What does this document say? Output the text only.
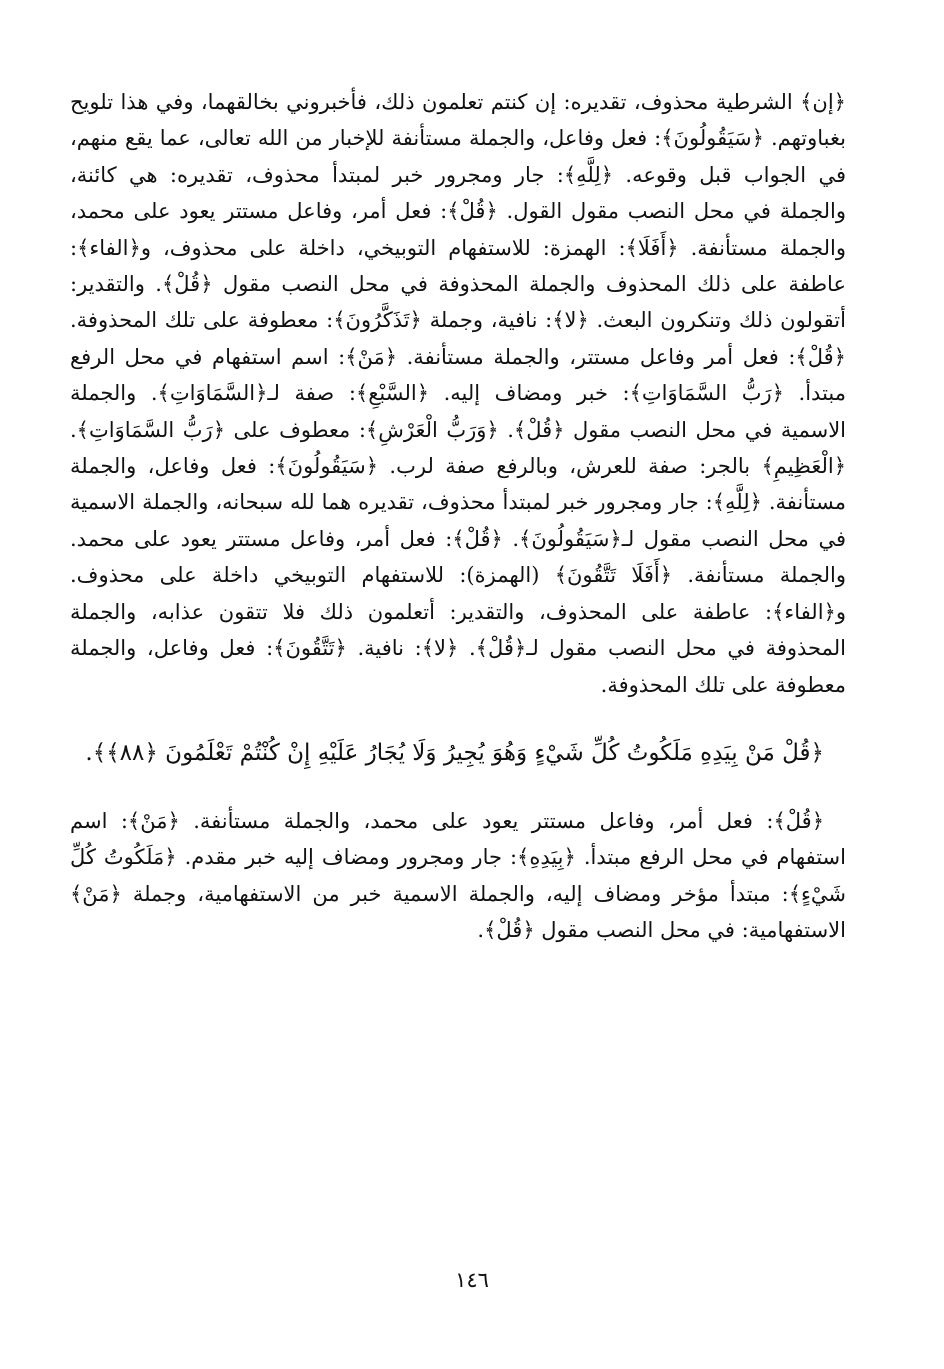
﴿إن﴾ الشرطية محذوف، تقديره: إن كنتم تعلمون ذلك، فأخبروني بخالقهما، وفي هذا تلويح بغباوتهم. ﴿سَيَقُولُونَ﴾: فعل وفاعل، والجملة مستأنفة للإخبار من الله تعالى، عما يقع منهم، في الجواب قبل وقوعه. ﴿لِلَّهِ﴾: جار ومجرور خبر لمبتدأ محذوف، تقديره: هي كائنة، والجملة في محل النصب مقول القول. ﴿قُلْ﴾: فعل أمر، وفاعل مستتر يعود على محمد، والجملة مستأنفة. ﴿أَفَلَا﴾: الهمزة: للاستفهام التوبيخي، داخلة على محذوف، و﴿الفاء﴾: عاطفة على ذلك المحذوف والجملة المحذوفة في محل النصب مقول ﴿قُلْ﴾. والتقدير: أتقولون ذلك وتنكرون البعث. ﴿لا﴾: نافية، وجملة ﴿تَذَكَّرُونَ﴾: معطوفة على تلك المحذوفة. ﴿قُلْ﴾: فعل أمر وفاعل مستتر، والجملة مستأنفة. ﴿مَنْ﴾: اسم استفهام في محل الرفع مبتدأ. ﴿رَبُّ السَّمَاوَاتِ﴾: خبر ومضاف إليه. ﴿السَّبْعِ﴾: صفة لـ﴿السَّمَاوَاتِ﴾. والجملة الاسمية في محل النصب مقول ﴿قُلْ﴾. ﴿وَرَبُّ الْعَرْشِ﴾: معطوف على ﴿رَبُّ السَّمَاوَاتِ﴾. ﴿الْعَظِيمِ﴾ بالجر: صفة للعرش، وبالرفع صفة لرب. ﴿سَيَقُولُونَ﴾: فعل وفاعل، والجملة مستأنفة. ﴿لِلَّهِ﴾: جار ومجرور خبر لمبتدأ محذوف، تقديره هما لله سبحانه، والجملة الاسمية في محل النصب مقول لـ﴿سَيَقُولُونَ﴾. ﴿قُلْ﴾: فعل أمر، وفاعل مستتر يعود على محمد. والجملة مستأنفة. ﴿أَفَلَا تَتَّقُونَ﴾ (الهمزة): للاستفهام التوبيخي داخلة على محذوف. و﴿الفاء﴾: عاطفة على المحذوف، والتقدير: أتعلمون ذلك فلا تتقون عذابه، والجملة المحذوفة في محل النصب مقول لـ﴿قُلْ﴾. ﴿لا﴾: نافية. ﴿تَتَّقُونَ﴾: فعل وفاعل، والجملة معطوفة على تلك المحذوفة.

﴿قُلْ مَنْ بِيَدِهِ مَلَكُوتُ كُلِّ شَيْءٍ وَهُوَ يُجِيرُ وَلَا يُجَارُ عَلَيْهِ إِنْ كُنْتُمْ تَعْلَمُونَ ﴿٨٨﴾﴾.

﴿قُلْ﴾: فعل أمر، وفاعل مستتر يعود على محمد، والجملة مستأنفة. ﴿مَنْ﴾: اسم استفهام في محل الرفع مبتدأ. ﴿بِيَدِهِ﴾: جار ومجرور ومضاف إليه خبر مقدم. ﴿مَلَكُوتُ كُلِّ شَيْءٍ﴾: مبتدأ مؤخر ومضاف إليه، والجملة الاسمية خبر من الاستفهامية، وجملة ﴿مَنْ﴾ الاستفهامية: في محل النصب مقول ﴿قُلْ﴾.

١٤٦
